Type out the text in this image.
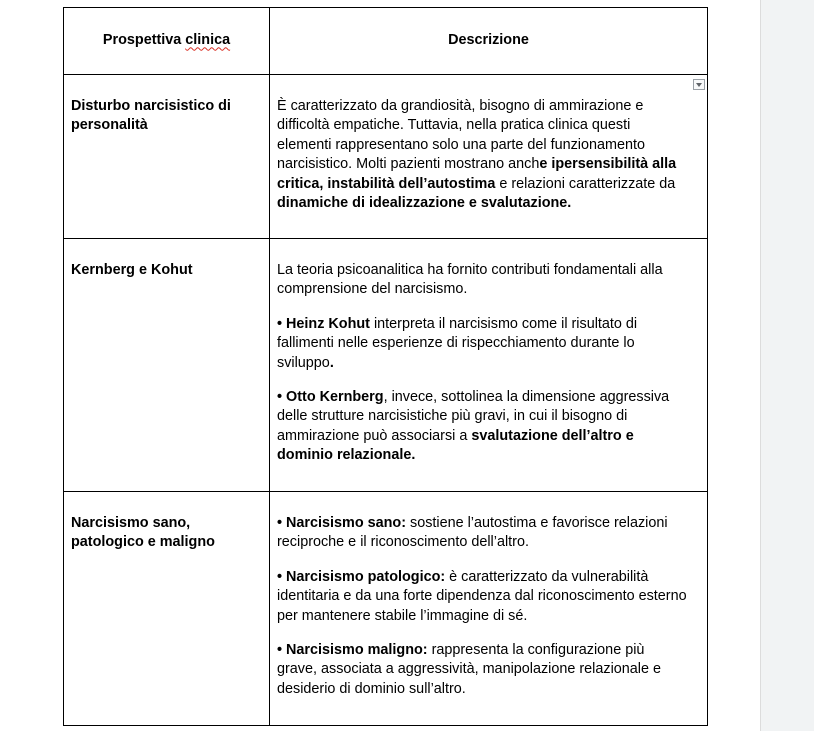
Prospettiva clinica	Descrizione
Disturbo narcisistico di personalità	È caratterizzato da grandiosità, bisogno di ammirazione e difficoltà empatiche. Tuttavia, nella pratica clinica questi elementi rappresentano solo una parte del funzionamento narcisistico. Molti pazienti mostrano anche ipersensibilità alla critica, instabilità dell’autostima e relazioni caratterizzate da dinamiche di idealizzazione e svalutazione.

Kernberg e Kohut	La teoria psicoanalitica ha fornito contributi fondamentali alla comprensione del narcisismo.

• Heinz Kohut interpreta il narcisismo come il risultato di fallimenti nelle esperienze di rispecchiamento durante lo sviluppo.

• Otto Kernberg, invece, sottolinea la dimensione aggressiva delle strutture narcisistiche più gravi, in cui il bisogno di ammirazione può associarsi a svalutazione dell’altro e dominio relazionale.

Narcisismo sano, patologico e maligno	• Narcisismo sano: sostiene l’autostima e favorisce relazioni reciproche e il riconoscimento dell’altro.

• Narcisismo patologico: è caratterizzato da vulnerabilità identitaria e da una forte dipendenza dal riconoscimento esterno per mantenere stabile l’immagine di sé.

• Narcisismo maligno: rappresenta la configurazione più grave, associata a aggressività, manipolazione relazionale e desiderio di dominio sull’altro.
